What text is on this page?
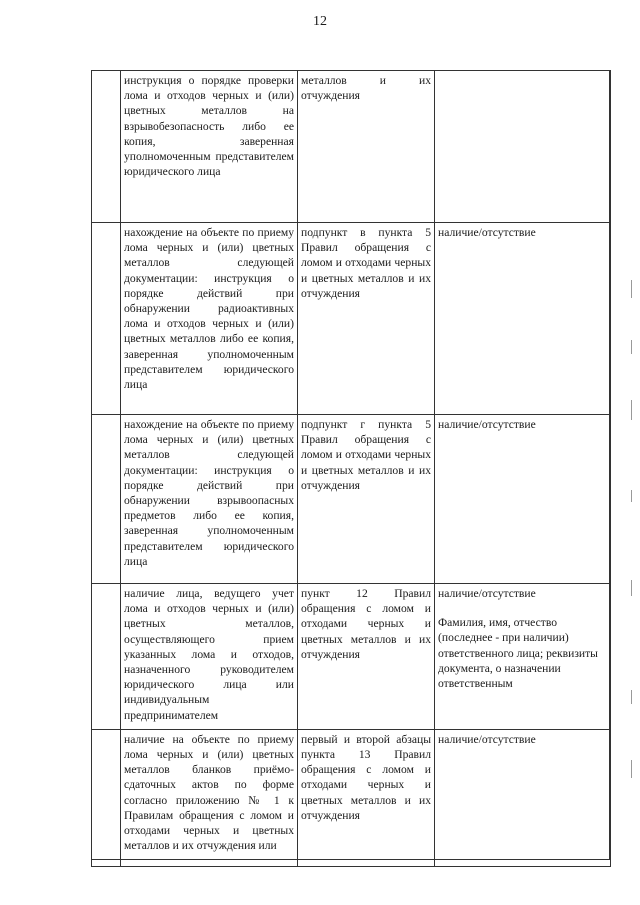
12
	инструкция о порядке проверки лома и отходов черных и (или) цветных металлов на взрывобезопасность либо ее копия, заверенная уполномоченным представителем юридического лица	металлов и их отчуждения	
	нахождение на объекте по приему лома черных и (или) цветных металлов следующей документации: инструкция о порядке действий при обнаружении радиоактивных лома и отходов черных и (или) цветных металлов либо ее копия, заверенная уполномоченным представителем юридического лица	подпункт в пункта 5 Правил обращения с ломом и отходами черных и цветных металлов и их отчуждения	наличие/отсутствие

	нахождение на объекте по приему лома черных и (или) цветных металлов следующей документации: инструкция о порядке действий при обнаружении взрывоопасных предметов либо ее копия, заверенная уполномоченным представителем юридического лица	подпункт г пункта 5 Правил обращения с ломом и отходами черных и цветных металлов и их отчуждения	наличие/отсутствие

	наличие лица, ведущего учет лома и отходов черных и (или) цветных металлов, осуществляющего прием указанных лома и отходов, назначенного руководителем юридического лица или индивидуальным предпринимателем	пункт 12 Правил обращения с ломом и отходами черных и цветных металлов и их отчуждения	наличие/отсутствие
Фамилия, имя, отчество (последнее - при наличии) ответственного лица; реквизиты документа, о назначении ответственным

	наличие на объекте по приему лома черных и (или) цветных металлов бланков приёмо-сдаточных актов по форме согласно приложению № 1 к Правилам обращения с ломом и отходами черных и цветных металлов и их отчуждения или	первый и второй абзацы пункта 13 Правил обращения с ломом и отходами черных и цветных металлов и их отчуждения	наличие/отсутствие
